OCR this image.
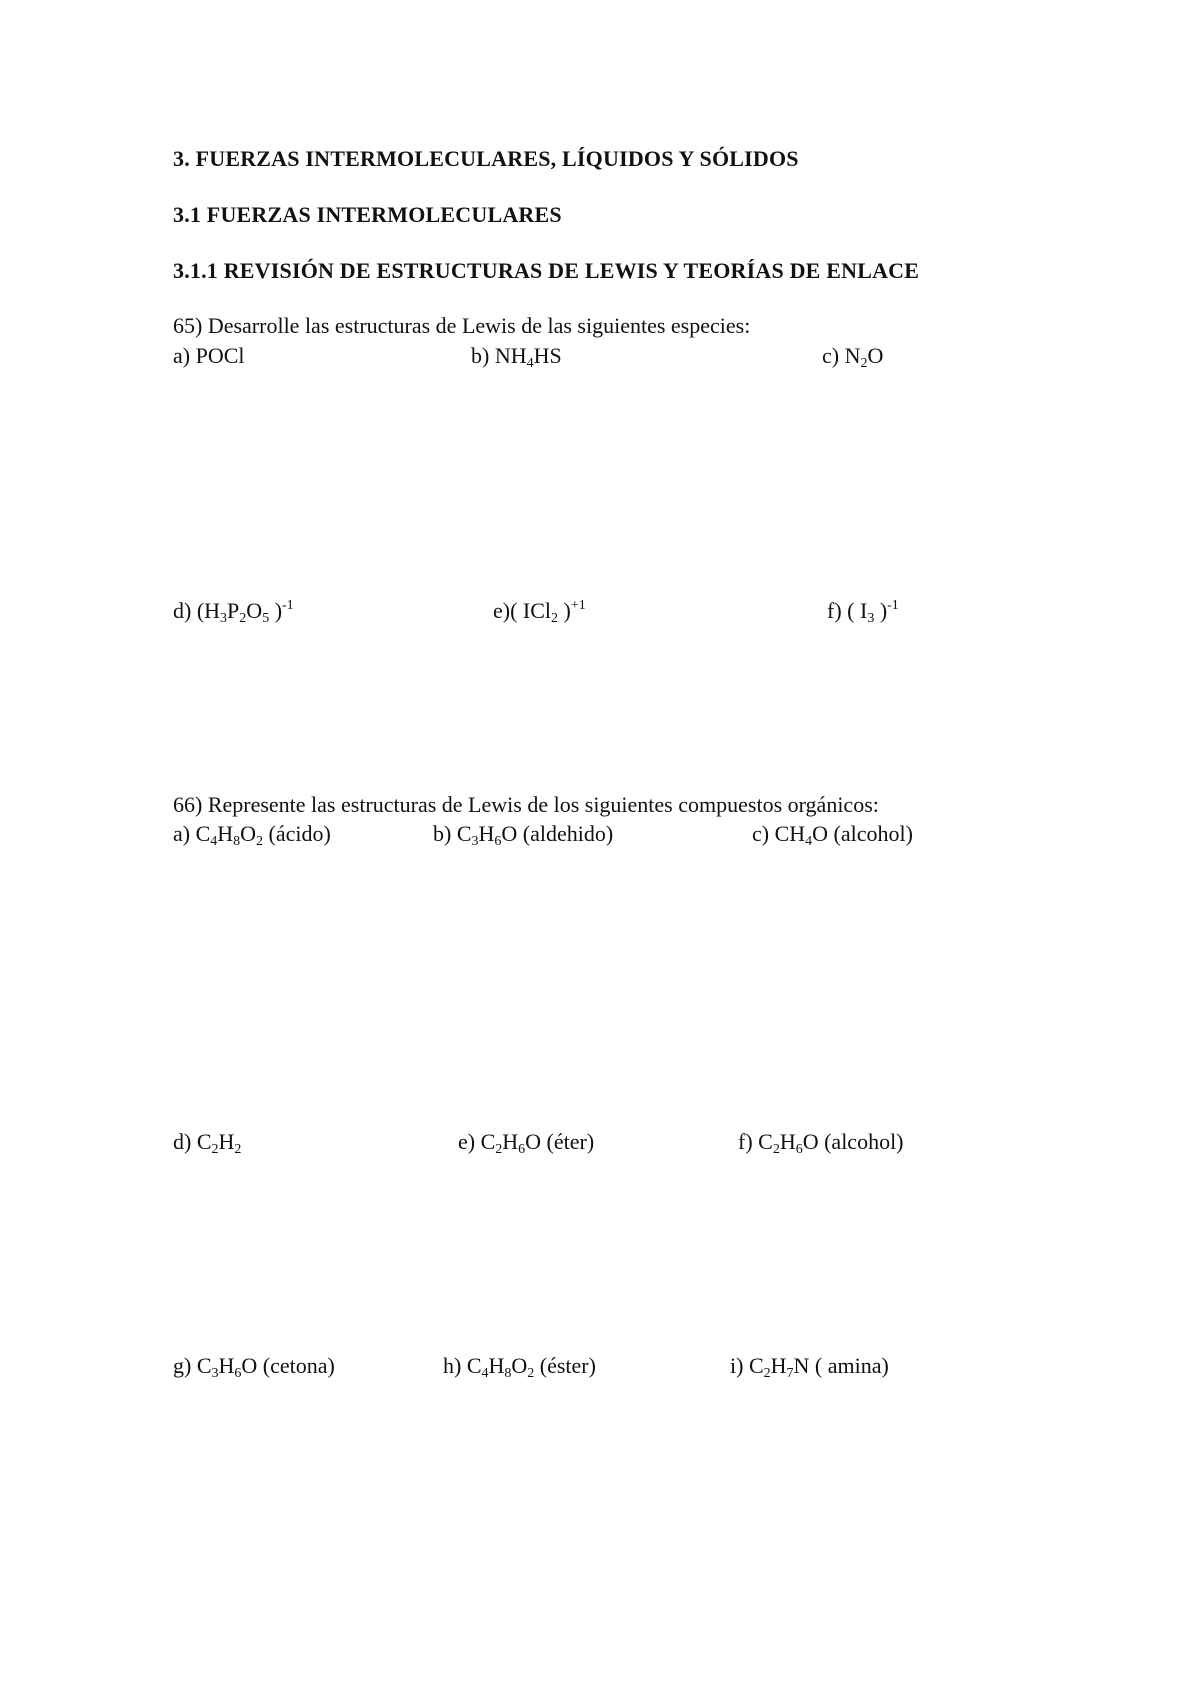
3. FUERZAS INTERMOLECULARES, LÍQUIDOS Y SÓLIDOS
3.1 FUERZAS INTERMOLECULARES
3.1.1 REVISIÓN DE ESTRUCTURAS DE LEWIS Y TEORÍAS DE ENLACE
65) Desarrolle las estructuras de Lewis de las siguientes especies:
a) POCl	b) $NH_4HS$	c) $N_2O$
d) ($H_3P_2O_5$ )$^{-1}$	e)( ICl$_2$ )$^{+1}$	f) ( $I_3$ )$^{-1}$
66) Represente las estructuras de Lewis de los siguientes compuestos orgánicos:
a) $C_4H_8O_2$ (ácido)	b) $C_3H_6O$ (aldehido)	c) $CH_4O$ (alcohol)
d) $C_2H_2$	e) $C_2H_6O$ (éter)	f) $C_2H_6O$ (alcohol)
g) $C_3H_6O$ (cetona)	h) $C_4H_8O_2$ (éster)	i) $C_2H_7N$ ( amina)
